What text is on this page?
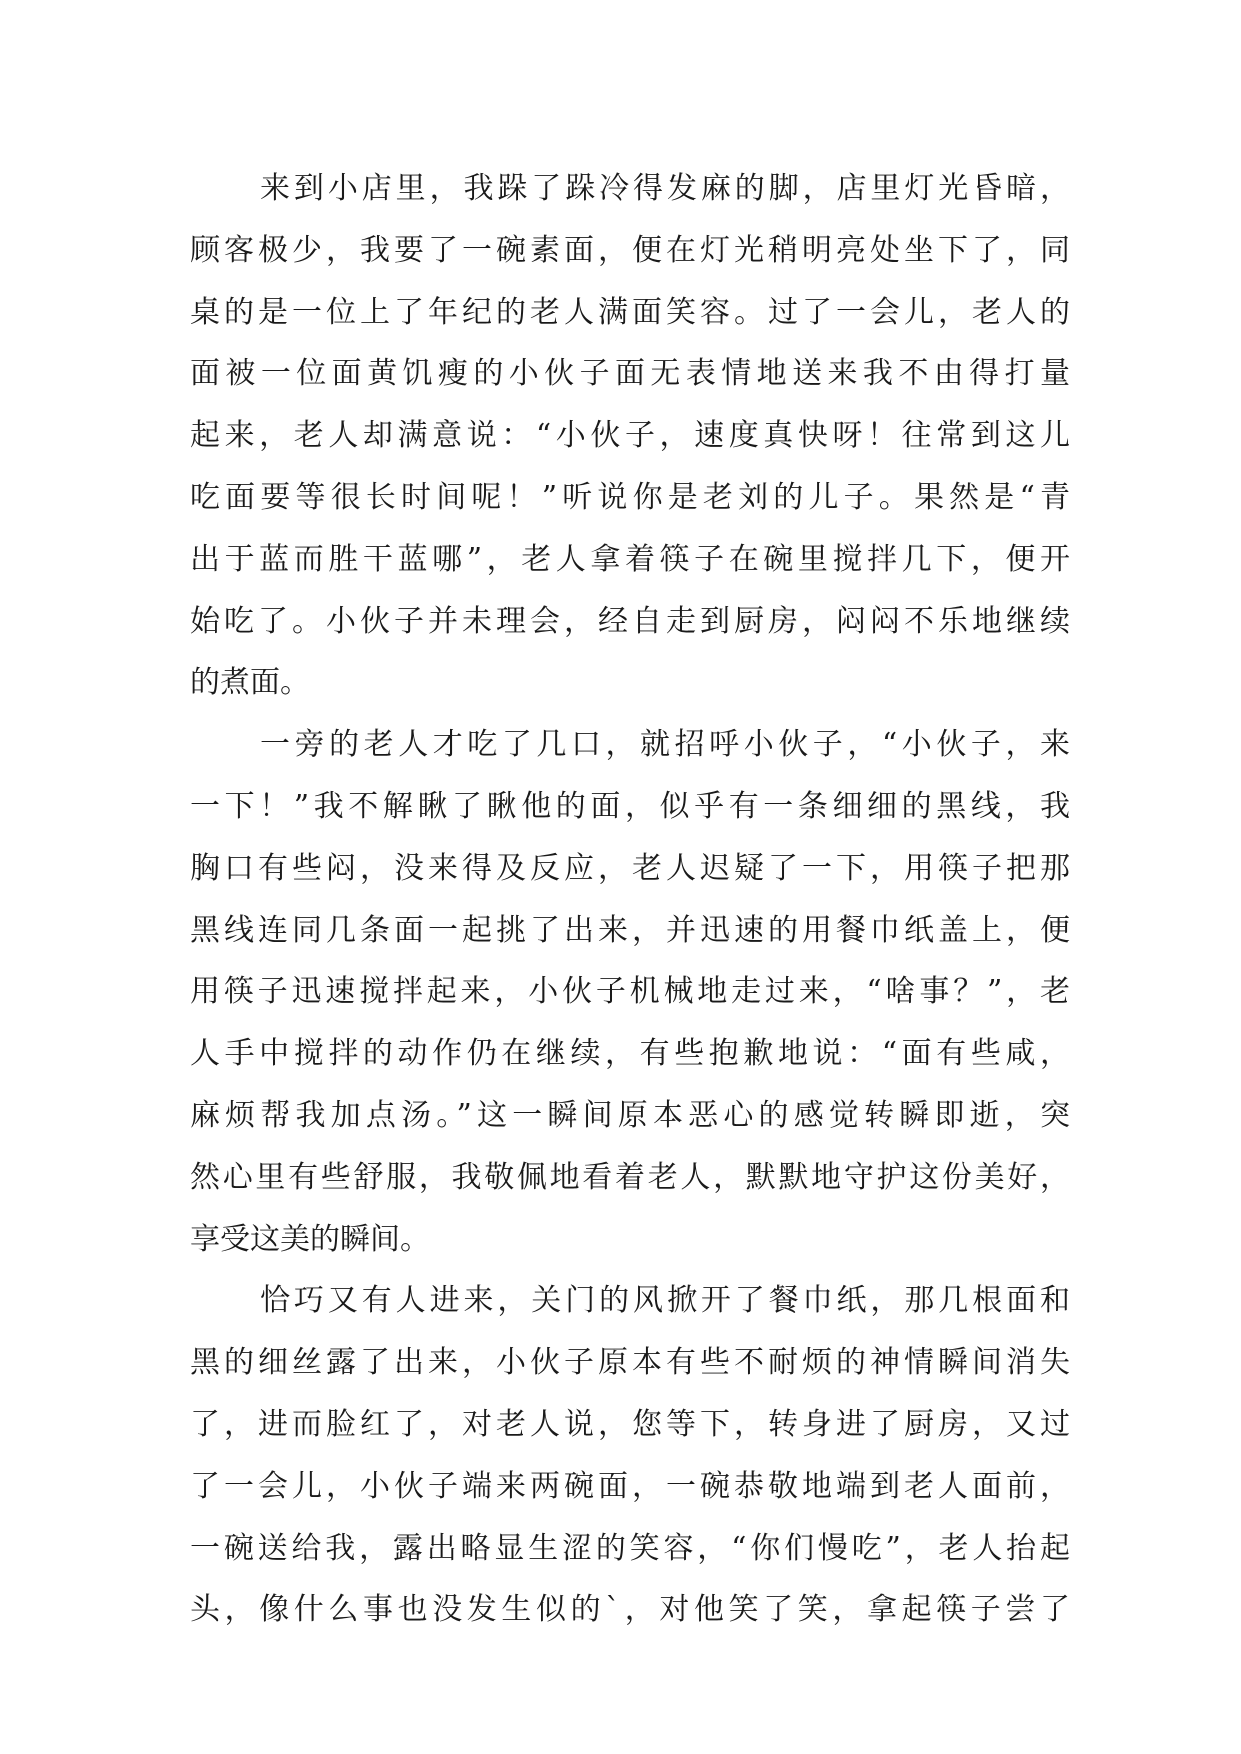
来到小店里，我跺了跺冷得发麻的脚，店里灯光昏暗，
顾客极少，我要了一碗素面，便在灯光稍明亮处坐下了，同
桌的是一位上了年纪的老人满面笑容。过了一会儿，老人的
面被一位面黄饥瘦的小伙子面无表情地送来我不由得打量
起来，老人却满意说：“小伙子，速度真快呀！往常到这儿
吃面要等很长时间呢！”听说你是老刘的儿子。果然是“青
出于蓝而胜干蓝哪”，老人拿着筷子在碗里搅拌几下，便开
始吃了。小伙子并未理会，经自走到厨房，闷闷不乐地继续
的煮面。
一旁的老人才吃了几口，就招呼小伙子，“小伙子，来
一下！”我不解瞅了瞅他的面，似乎有一条细细的黑线，我
胸口有些闷，没来得及反应，老人迟疑了一下，用筷子把那
黑线连同几条面一起挑了出来，并迅速的用餐巾纸盖上，便
用筷子迅速搅拌起来，小伙子机械地走过来，“啥事？”，老
人手中搅拌的动作仍在继续，有些抱歉地说：“面有些咸，
麻烦帮我加点汤。”这一瞬间原本恶心的感觉转瞬即逝，突
然心里有些舒服，我敬佩地看着老人，默默地守护这份美好，
享受这美的瞬间。
恰巧又有人进来，关门的风掀开了餐巾纸，那几根面和
黑的细丝露了出来，小伙子原本有些不耐烦的神情瞬间消失
了，进而脸红了，对老人说，您等下，转身进了厨房，又过
了一会儿，小伙子端来两碗面，一碗恭敬地端到老人面前，
一碗送给我，露出略显生涩的笑容，“你们慢吃”，老人抬起
头，像什么事也没发生似的`，对他笑了笑，拿起筷子尝了
